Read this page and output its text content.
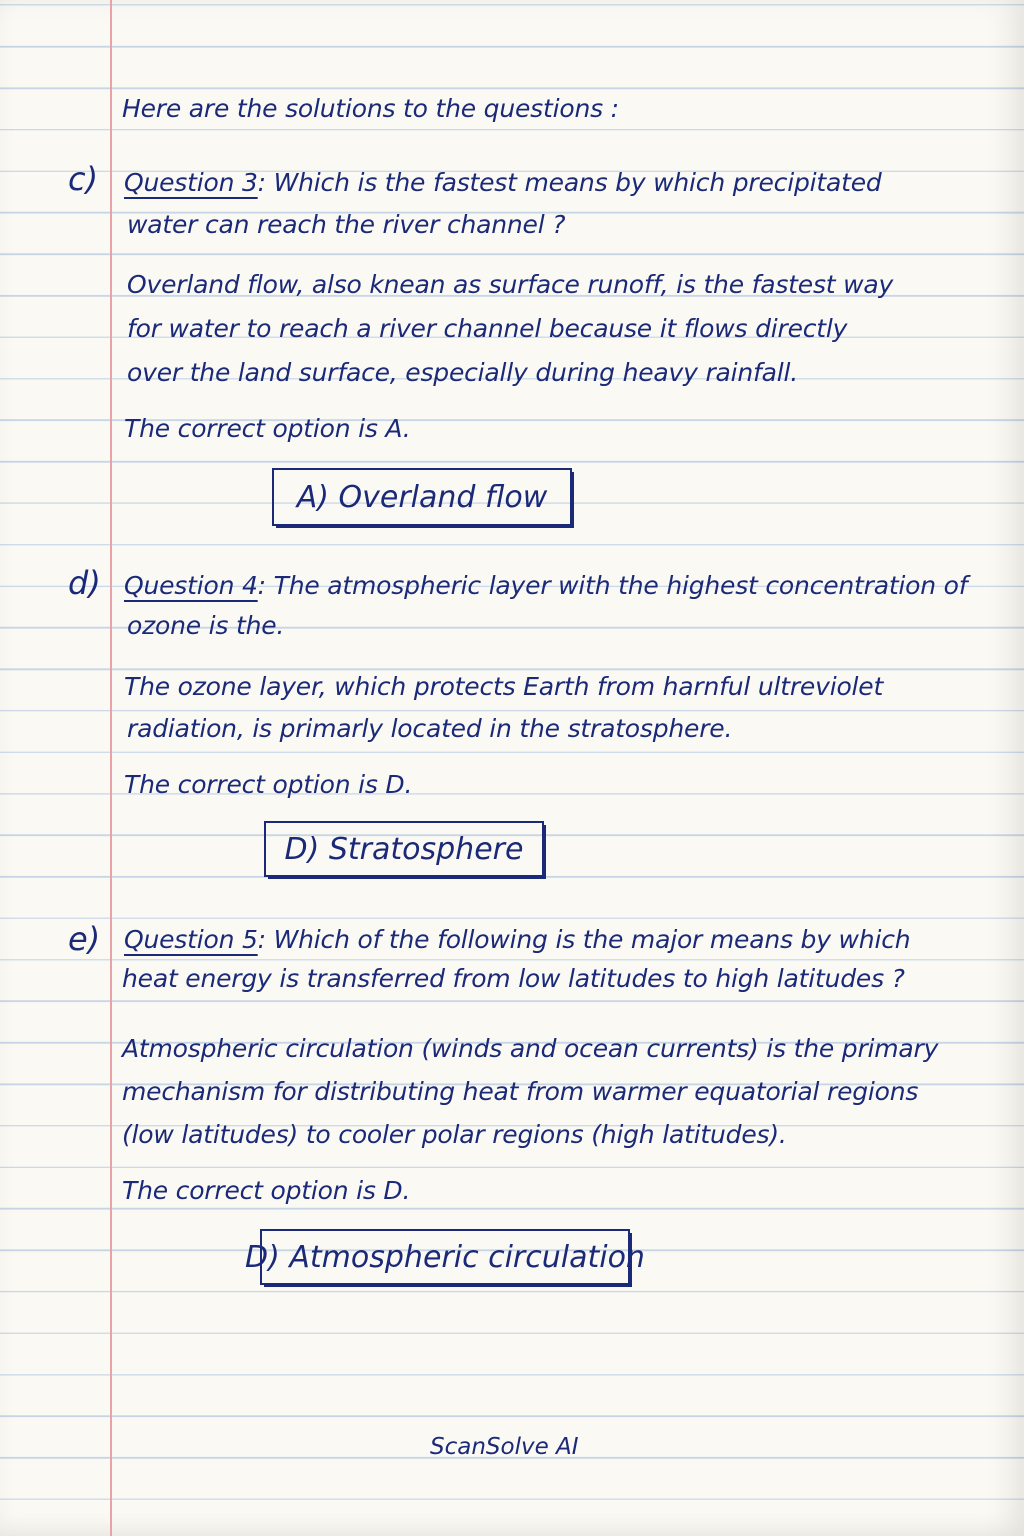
Here are the solutions to the questions :
c) Question 3: Which is the fastest means by which precipitated
water can reach the river channel ?
Overland flow, also knean as surface runoff, is the fastest way
for water to reach a river channel because it flows directly
over the land surface, especially during heavy rainfall.
The correct option is A.
A) Overland flow
d) Question 4: The atmospheric layer with the highest concentration of
ozone is the.
The ozone layer, which protects Earth from harnful ultreviolet
radiation, is primarly located in the stratosphere.
The correct option is D.
D) Stratosphere
e) Question 5: Which of the following is the major means by which
heat energy is transferred from low latitudes to high latitudes ?
Atmospheric circulation (winds and ocean currents) is the primary
mechanism for distributing heat from warmer equatorial regions
(low latitudes) to cooler polar regions (high latitudes).
The correct option is D.
D) Atmospheric circulation
ScanSolve AI
